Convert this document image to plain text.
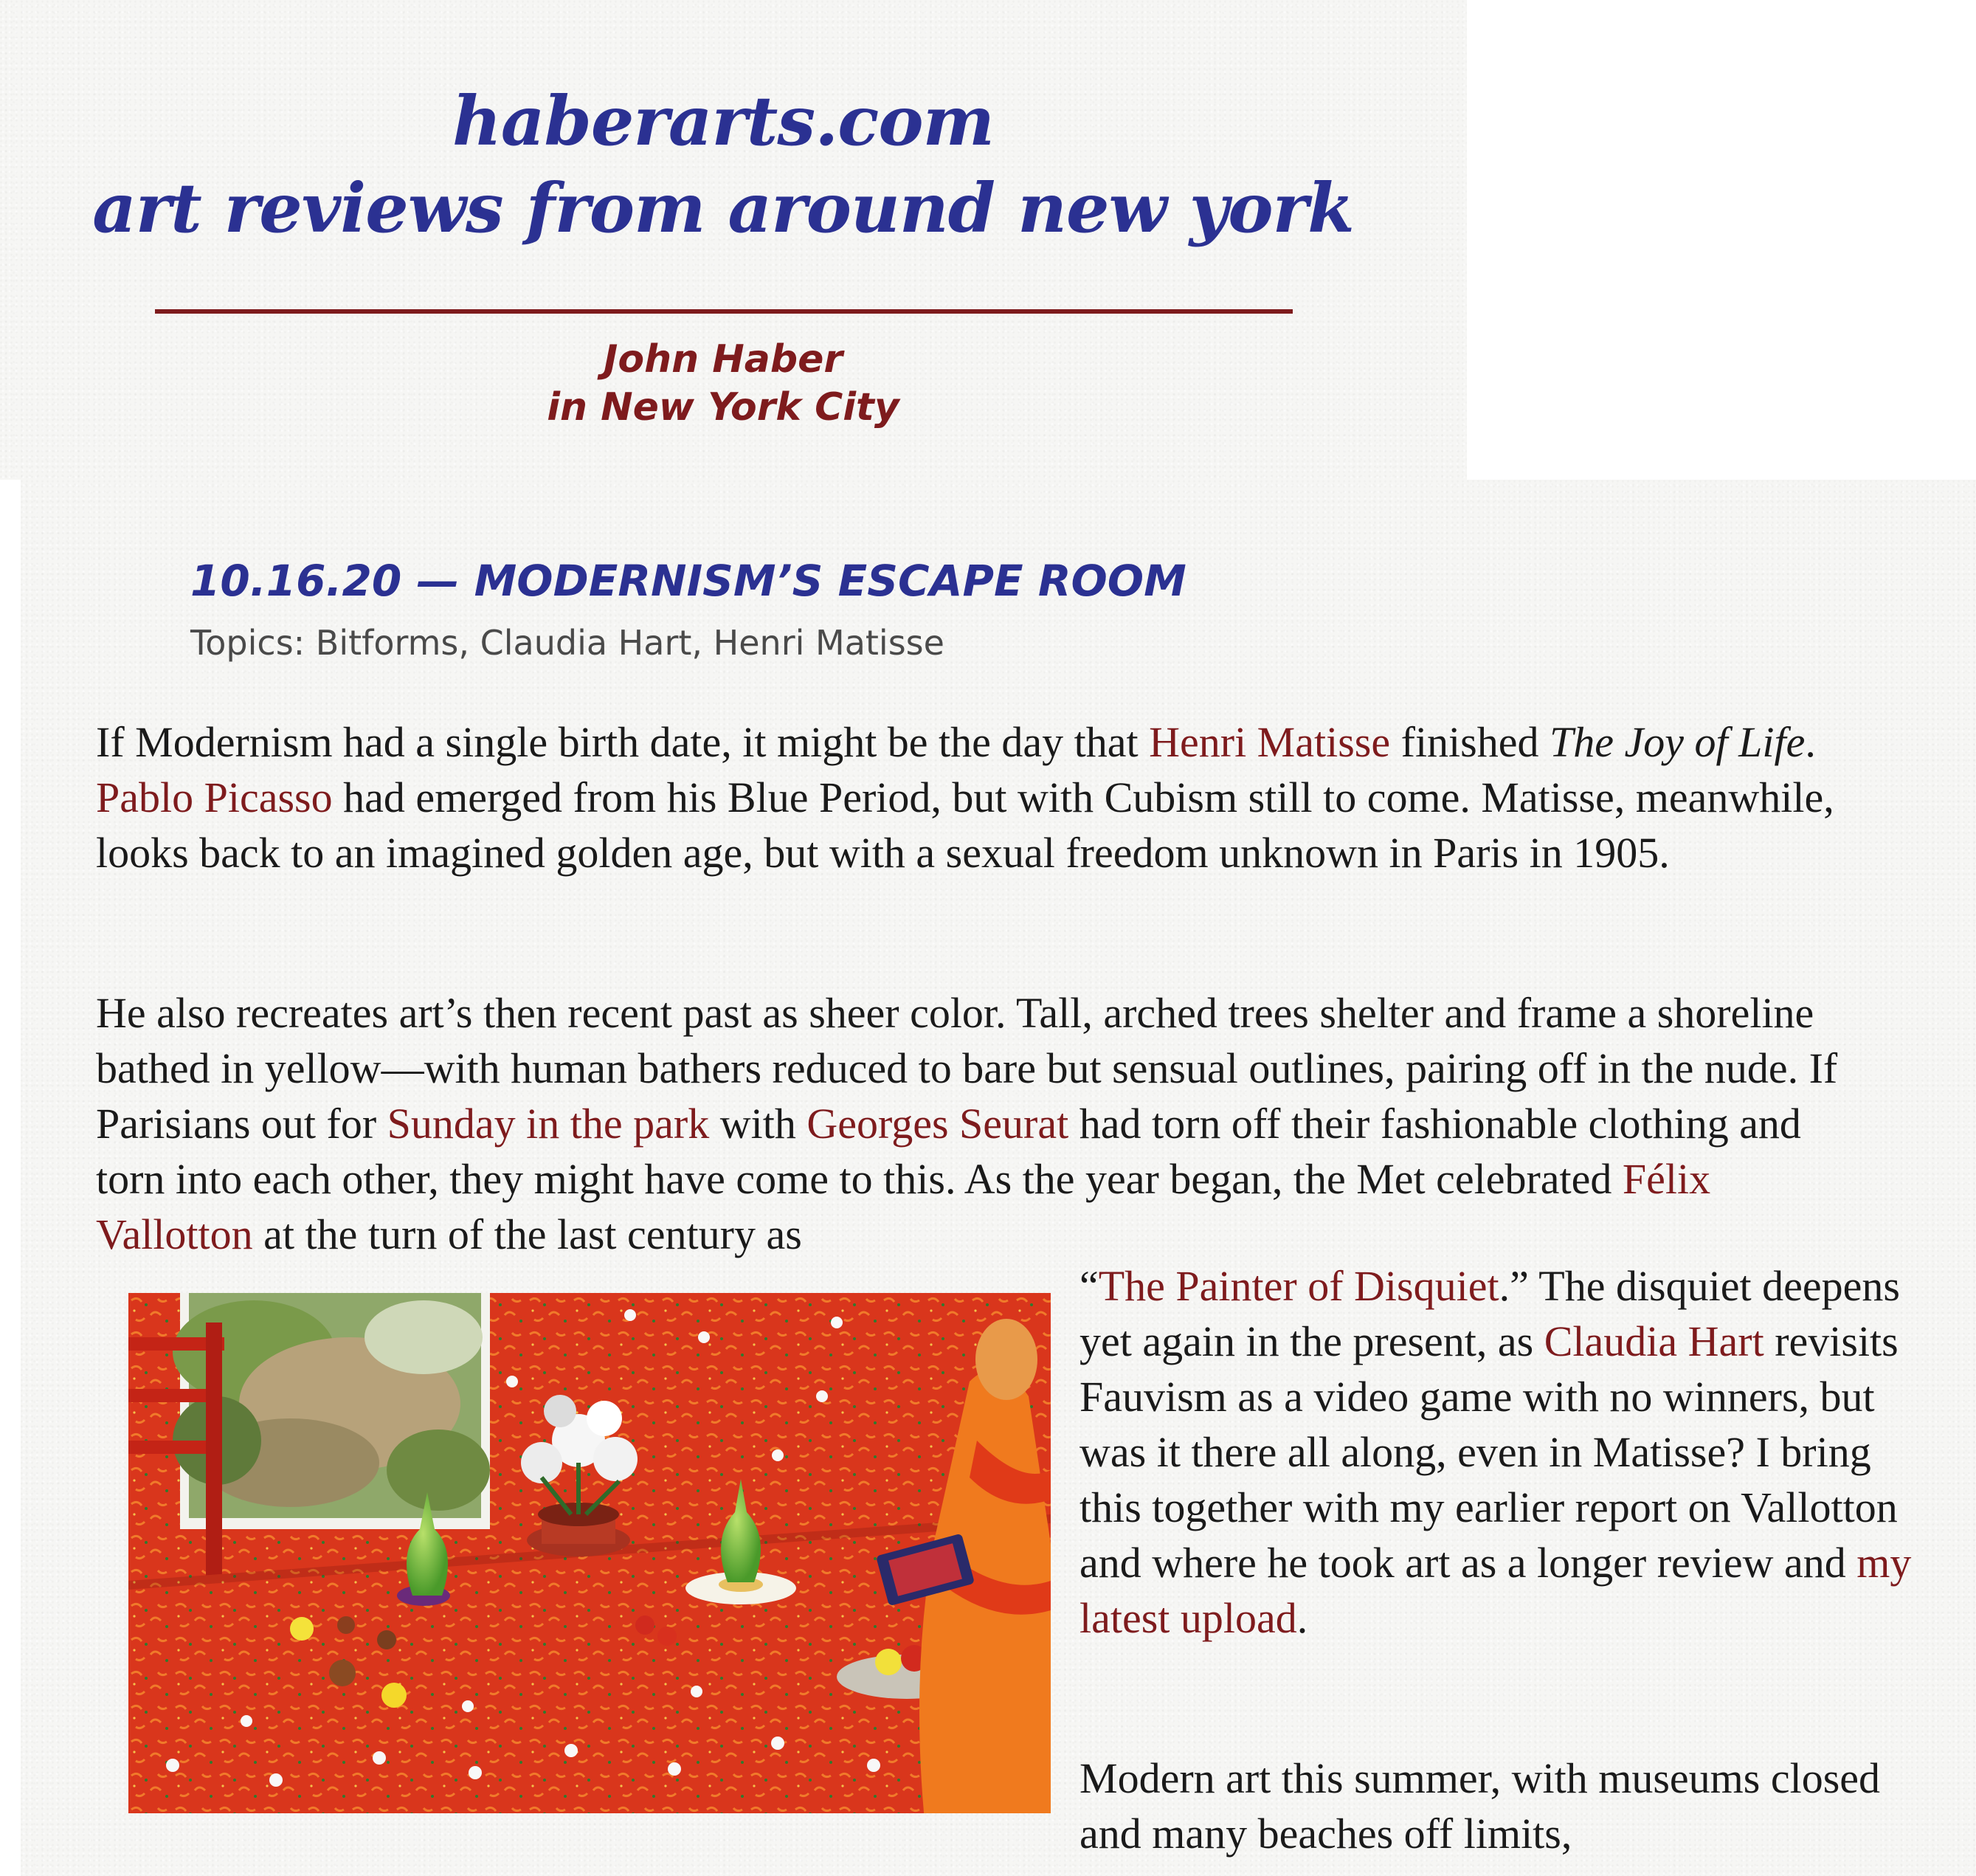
haberarts.com
art reviews from around new york
John Haber
in New York City
10.16.20 — MODERNISM’S ESCAPE ROOM
Topics: Bitforms, Claudia Hart, Henri Matisse

If Modernism had a single birth date, it might be the day that Henri Matisse finished The Joy of Life. Pablo Picasso had emerged from his Blue Period, but with Cubism still to come. Matisse, meanwhile, looks back to an imagined golden age, but with a sexual freedom unknown in Paris in 1905.

He also recreates art’s then recent past as sheer color. Tall, arched trees shelter and frame a shoreline bathed in yellow—with human bathers reduced to bare but sensual outlines, pairing off in the nude. If Parisians out for Sunday in the park with Georges Seurat had torn off their fashionable clothing and torn into each other, they might have come to this. As the year began, the Met celebrated Félix Vallotton at the turn of the last century as

“The Painter of Disquiet.” The disquiet deepens yet again in the present, as Claudia Hart revisits Fauvism as a video game with no winners, but was it there all along, even in Matisse? I bring this together with my earlier report on Vallotton and where he took art as a longer review and my latest upload.

Modern art this summer, with museums closed and many beaches off limits,
